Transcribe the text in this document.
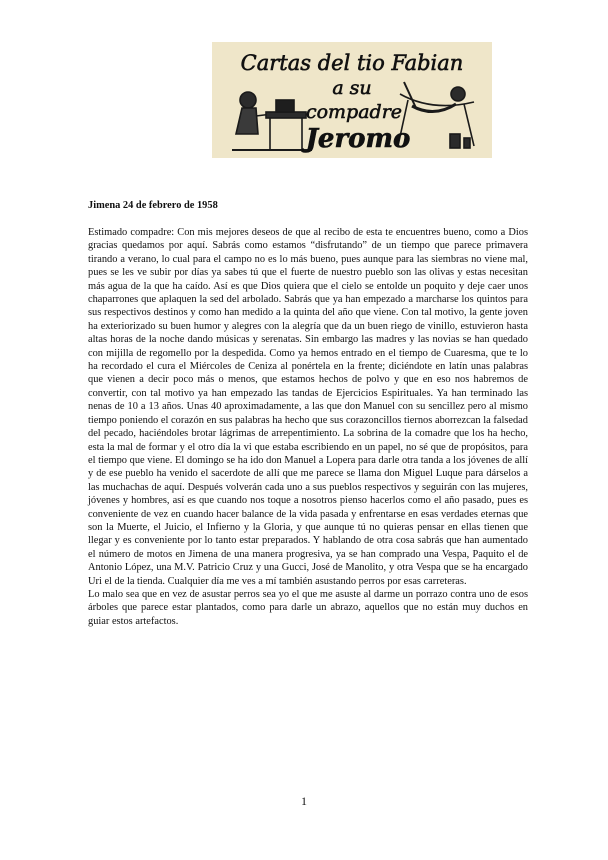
Cartas del tio Fabian
a su
compadre
Jeromo
Jimena 24 de febrero de 1958

Estimado compadre: Con mis mejores deseos de que al recibo de esta te encuentres bueno, como a Dios gracias quedamos por aquí. Sabrás como estamos “disfrutando” de un tiempo que parece primavera tirando a verano, lo cual para el campo no es lo más bueno, pues aunque para las siembras no viene mal, pues se les ve subir por días ya sabes tú que el fuerte de nuestro pueblo son las olivas y estas necesitan más agua de la que ha caído. Así es que Dios quiera que el cielo se entolde un poquito y deje caer unos chaparrones que aplaquen la sed del arbolado. Sabrás que ya han empezado a marcharse los quintos para sus respectivos destinos y como han medido a la quinta del año que viene. Con tal motivo, la gente joven ha exteriorizado su buen humor y alegres con la alegría que da un buen riego de vinillo, estuvieron hasta altas horas de la noche dando músicas y serenatas. Sin embargo las madres y las novias se han quedado con mijilla de regomello por la despedida. Como ya hemos entrado en el tiempo de Cuaresma, que te lo ha recordado el cura el Miércoles de Ceniza al ponértela en la frente; diciéndote en latín unas palabras que vienen a decir poco más o menos, que estamos hechos de polvo y que en eso nos habremos de convertir, con tal motivo ya han empezado las tandas de Ejercicios Espirituales. Ya han terminado las nenas de 10 a 13 años. Unas 40 aproximadamente, a las que don Manuel con su sencillez pero al mismo tiempo poniendo el corazón en sus palabras ha hecho que sus corazoncillos tiernos aborrezcan la falsedad del pecado, haciéndoles brotar lágrimas de arrepentimiento. La sobrina de la comadre que los ha hecho, esta la mal de formar y el otro día la vi que estaba escribiendo en un papel, no sé que de propósitos, para el tiempo que viene. El domingo se ha ido don Manuel a Lopera para darle otra tanda a los jóvenes de allí y de ese pueblo ha venido el sacerdote de allí que me parece se llama don Miguel Luque para dárselos a las muchachas de aquí. Después volverán cada uno a sus pueblos respectivos y seguirán con las mujeres, jóvenes y hombres, así es que cuando nos toque a nosotros pienso hacerlos como el año pasado, pues es conveniente de vez en cuando hacer balance de la vida pasada y enfrentarse en esas verdades eternas que son la Muerte, el Juicio, el Infierno y la Gloria, y que aunque tú no quieras pensar en ellas tienen que llegar y es conveniente por lo tanto estar preparados. Y hablando de otra cosa sabrás que han aumentado el número de motos en Jimena de una manera progresiva, ya se han comprado una Vespa, Paquito el de Antonio López, una M.V. Patricio Cruz y una Gucci, José de Manolito, y otra Vespa que se ha encargado Uri el de la tienda. Cualquier día me ves a mí también asustando perros por esas carreteras.

Lo malo sea que en vez de asustar perros sea yo el que me asuste al darme un porrazo contra uno de esos árboles que parece estar plantados, como para darle un abrazo, aquellos que no están muy duchos en guiar estos artefactos.

1
